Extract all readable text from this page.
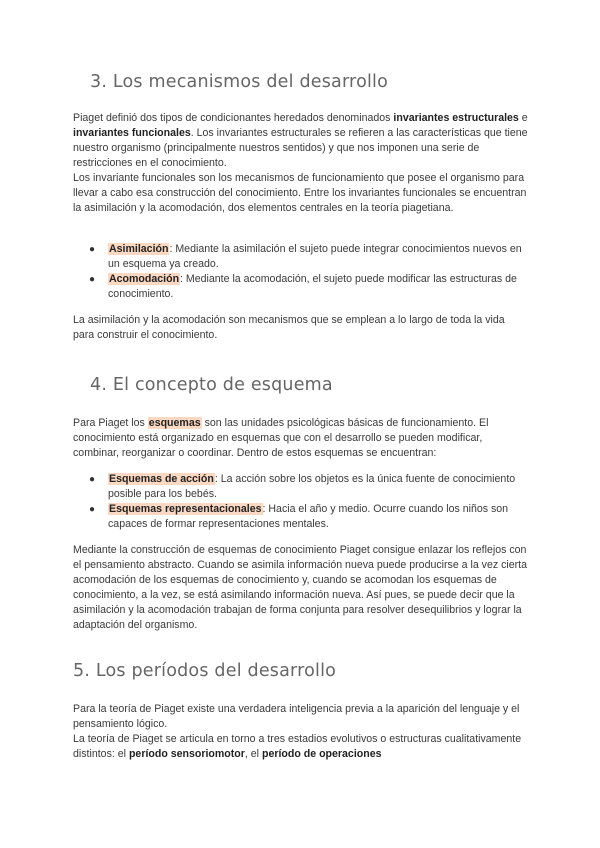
3. Los mecanismos del desarrollo

Piaget definió dos tipos de condicionantes heredados denominados invariantes estructurales e invariantes funcionales. Los invariantes estructurales se refieren a las características que tiene nuestro organismo (principalmente nuestros sentidos) y que nos imponen una serie de restricciones en el conocimiento.

Los invariante funcionales son los mecanismos de funcionamiento que posee el organismo para llevar a cabo esa construcción del conocimiento. Entre los invariantes funcionales se encuentran la asimilación y la acomodación, dos elementos centrales en la teoría piagetiana.

● Asimilación: Mediante la asimilación el sujeto puede integrar conocimientos nuevos en un esquema ya creado.
● Acomodación: Mediante la acomodación, el sujeto puede modificar las estructuras de conocimiento.

La asimilación y la acomodación son mecanismos que se emplean a lo largo de toda la vida para construir el conocimiento.

4. El concepto de esquema

Para Piaget los esquemas son las unidades psicológicas básicas de funcionamiento. El conocimiento está organizado en esquemas que con el desarrollo se pueden modificar, combinar, reorganizar o coordinar. Dentro de estos esquemas se encuentran:

● Esquemas de acción: La acción sobre los objetos es la única fuente de conocimiento posible para los bebés.
● Esquemas representacionales: Hacia el año y medio. Ocurre cuando los niños son capaces de formar representaciones mentales.

Mediante la construcción de esquemas de conocimiento Piaget consigue enlazar los reflejos con el pensamiento abstracto. Cuando se asimila información nueva puede producirse a la vez cierta acomodación de los esquemas de conocimiento y, cuando se acomodan los esquemas de conocimiento, a la vez, se está asimilando información nueva. Así pues, se puede decir que la asimilación y la acomodación trabajan de forma conjunta para resolver desequilibrios y lograr la adaptación del organismo.

5. Los períodos del desarrollo

Para la teoría de Piaget existe una verdadera inteligencia previa a la aparición del lenguaje y el pensamiento lógico.

La teoría de Piaget se articula en torno a tres estadios evolutivos o estructuras cualitativamente distintos: el período sensoriomotor, el período de operaciones
